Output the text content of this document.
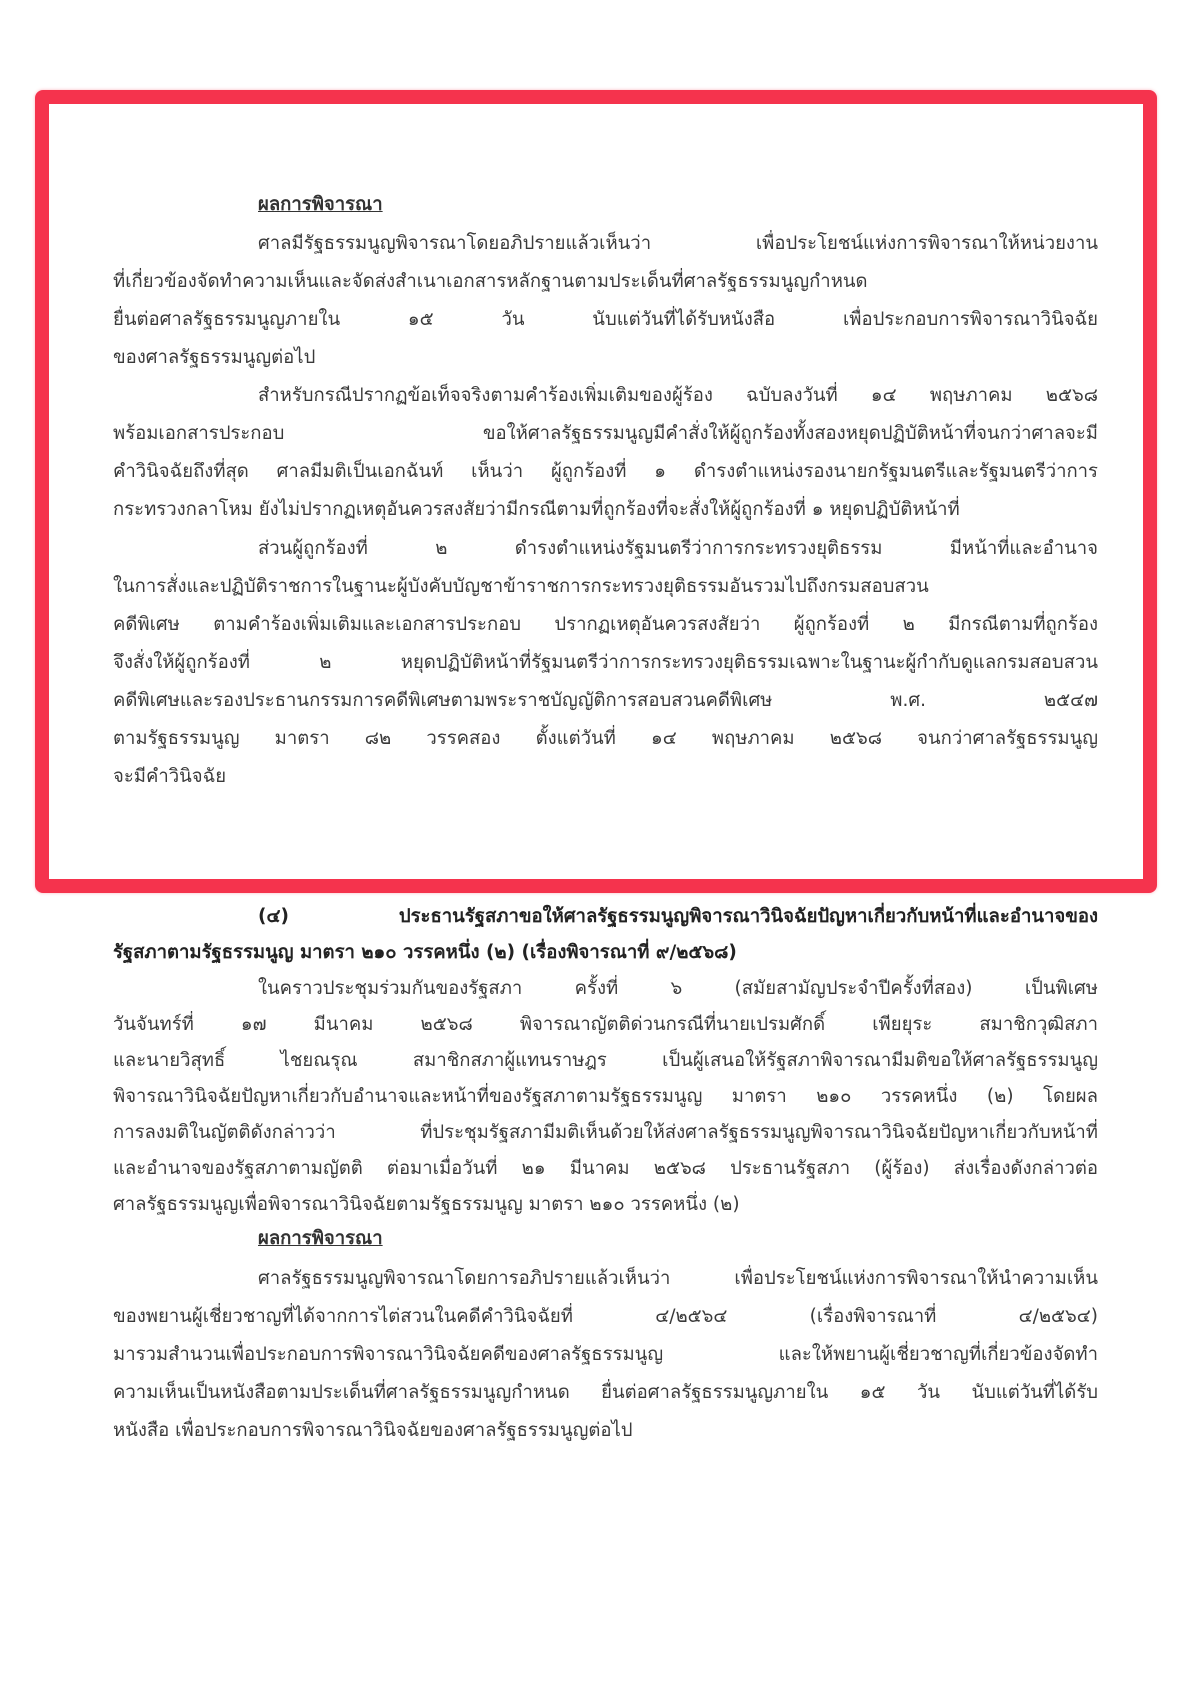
ผลการพิจารณา
ศาลมีรัฐธรรมนูญพิจารณาโดยอภิปรายแล้วเห็นว่า เพื่อประโยชน์แห่งการพิจารณาให้หน่วยงาน
ที่เกี่ยวข้องจัดทำความเห็นและจัดส่งสำเนาเอกสารหลักฐานตามประเด็นที่ศาลรัฐธรรมนูญกำหนด
ยื่นต่อศาลรัฐธรรมนูญภายใน ๑๕ วัน นับแต่วันที่ได้รับหนังสือ เพื่อประกอบการพิจารณาวินิจฉัย
ของศาลรัฐธรรมนูญต่อไป
สำหรับกรณีปรากฏข้อเท็จจริงตามคำร้องเพิ่มเติมของผู้ร้อง ฉบับลงวันที่ ๑๔ พฤษภาคม ๒๕๖๘
พร้อมเอกสารประกอบ ขอให้ศาลรัฐธรรมนูญมีคำสั่งให้ผู้ถูกร้องทั้งสองหยุดปฏิบัติหน้าที่จนกว่าศาลจะมี
คำวินิจฉัยถึงที่สุด ศาลมีมติเป็นเอกฉันท์ เห็นว่า ผู้ถูกร้องที่ ๑ ดำรงตำแหน่งรองนายกรัฐมนตรีและรัฐมนตรีว่าการ
กระทรวงกลาโหม ยังไม่ปรากฏเหตุอันควรสงสัยว่ามีกรณีตามที่ถูกร้องที่จะสั่งให้ผู้ถูกร้องที่ ๑ หยุดปฏิบัติหน้าที่
ส่วนผู้ถูกร้องที่ ๒ ดำรงตำแหน่งรัฐมนตรีว่าการกระทรวงยุติธรรม มีหน้าที่และอำนาจ
ในการสั่งและปฏิบัติราชการในฐานะผู้บังคับบัญชาข้าราชการกระทรวงยุติธรรมอันรวมไปถึงกรมสอบสวน
คดีพิเศษ ตามคำร้องเพิ่มเติมและเอกสารประกอบ ปรากฏเหตุอันควรสงสัยว่า ผู้ถูกร้องที่ ๒ มีกรณีตามที่ถูกร้อง
จึงสั่งให้ผู้ถูกร้องที่ ๒ หยุดปฏิบัติหน้าที่รัฐมนตรีว่าการกระทรวงยุติธรรมเฉพาะในฐานะผู้กำกับดูแลกรมสอบสวน
คดีพิเศษและรองประธานกรรมการคดีพิเศษตามพระราชบัญญัติการสอบสวนคดีพิเศษ พ.ศ. ๒๕๔๗
ตามรัฐธรรมนูญ มาตรา ๘๒ วรรคสอง ตั้งแต่วันที่ ๑๔ พฤษภาคม ๒๕๖๘ จนกว่าศาลรัฐธรรมนูญ
จะมีคำวินิจฉัย
(๔) ประธานรัฐสภาขอให้ศาลรัฐธรรมนูญพิจารณาวินิจฉัยปัญหาเกี่ยวกับหน้าที่และอำนาจของ
รัฐสภาตามรัฐธรรมนูญ มาตรา ๒๑๐ วรรคหนึ่ง (๒) (เรื่องพิจารณาที่ ๙/๒๕๖๘)
ในคราวประชุมร่วมกันของรัฐสภา ครั้งที่ ๖ (สมัยสามัญประจำปีครั้งที่สอง) เป็นพิเศษ
วันจันทร์ที่ ๑๗ มีนาคม ๒๕๖๘ พิจารณาญัตติด่วนกรณีที่นายเปรมศักดิ์ เพียยุระ สมาชิกวุฒิสภา
และนายวิสุทธิ์ ไชยณรุณ สมาชิกสภาผู้แทนราษฎร เป็นผู้เสนอให้รัฐสภาพิจารณามีมติขอให้ศาลรัฐธรรมนูญ
พิจารณาวินิจฉัยปัญหาเกี่ยวกับอำนาจและหน้าที่ของรัฐสภาตามรัฐธรรมนูญ มาตรา ๒๑๐ วรรคหนึ่ง (๒) โดยผล
การลงมติในญัตติดังกล่าวว่า ที่ประชุมรัฐสภามีมติเห็นด้วยให้ส่งศาลรัฐธรรมนูญพิจารณาวินิจฉัยปัญหาเกี่ยวกับหน้าที่
และอำนาจของรัฐสภาตามญัตติ ต่อมาเมื่อวันที่ ๒๑ มีนาคม ๒๕๖๘ ประธานรัฐสภา (ผู้ร้อง) ส่งเรื่องดังกล่าวต่อ
ศาลรัฐธรรมนูญเพื่อพิจารณาวินิจฉัยตามรัฐธรรมนูญ มาตรา ๒๑๐ วรรคหนึ่ง (๒)
ผลการพิจารณา
ศาลรัฐธรรมนูญพิจารณาโดยการอภิปรายแล้วเห็นว่า เพื่อประโยชน์แห่งการพิจารณาให้นำความเห็น
ของพยานผู้เชี่ยวชาญที่ได้จากการไต่สวนในคดีคำวินิจฉัยที่ ๔/๒๕๖๔ (เรื่องพิจารณาที่ ๔/๒๕๖๔)
มารวมสำนวนเพื่อประกอบการพิจารณาวินิจฉัยคดีของศาลรัฐธรรมนูญ และให้พยานผู้เชี่ยวชาญที่เกี่ยวข้องจัดทำ
ความเห็นเป็นหนังสือตามประเด็นที่ศาลรัฐธรรมนูญกำหนด ยื่นต่อศาลรัฐธรรมนูญภายใน ๑๕ วัน นับแต่วันที่ได้รับ
หนังสือ เพื่อประกอบการพิจารณาวินิจฉัยของศาลรัฐธรรมนูญต่อไป
